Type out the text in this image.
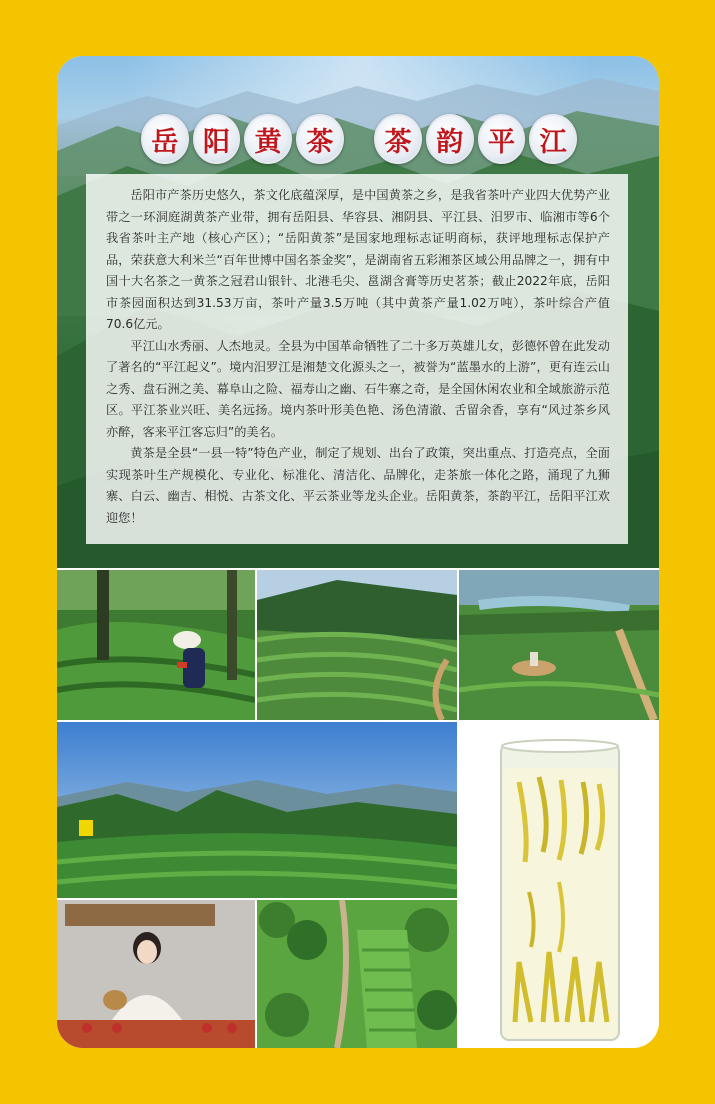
岳 阳 黄 茶	茶 韵 平 江

岳阳市产茶历史悠久，茶文化底蕴深厚，是中国黄茶之乡，是我省茶叶产业四大优势产业带之一环洞庭湖黄茶产业带，拥有岳阳县、华容县、湘阴县、平江县、汨罗市、临湘市等6个我省茶叶主产地（核心产区）；“岳阳黄茶”是国家地理标志证明商标，获评地理标志保护产品，荣获意大利米兰“百年世博中国名茶金奖”，是湖南省五彩湘茶区域公用品牌之一，拥有中国十大名茶之一黄茶之冠君山银针、北港毛尖、邕湖含膏等历史茗茶；截止2022年底，岳阳市茶园面积达到31.53万亩，茶叶产量3.5万吨（其中黄茶产量1.02万吨），茶叶综合产值70.6亿元。

平江山水秀丽、人杰地灵。全县为中国革命牺牲了二十多万英雄儿女，彭德怀曾在此发动了著名的“平江起义”。境内汨罗江是湘楚文化源头之一，被誉为“蓝墨水的上游”，更有连云山之秀、盘石洲之美、幕阜山之险、福寿山之幽、石牛寨之奇，是全国休闲农业和全域旅游示范区。平江茶业兴旺、美名远扬。境内茶叶形美色艳、汤色清澈、舌留余香，享有“风过茶乡风亦醉，客来平江客忘归”的美名。

黄茶是全县“一县一特”特色产业，制定了规划、出台了政策，突出重点、打造亮点，全面实现茶叶生产规模化、专业化、标准化、清洁化、品牌化，走茶旅一体化之路，涌现了九狮寨、白云、幽吉、相悦、古茶文化、平云茶业等龙头企业。岳阳黄茶，茶韵平江，岳阳平江欢迎您！
